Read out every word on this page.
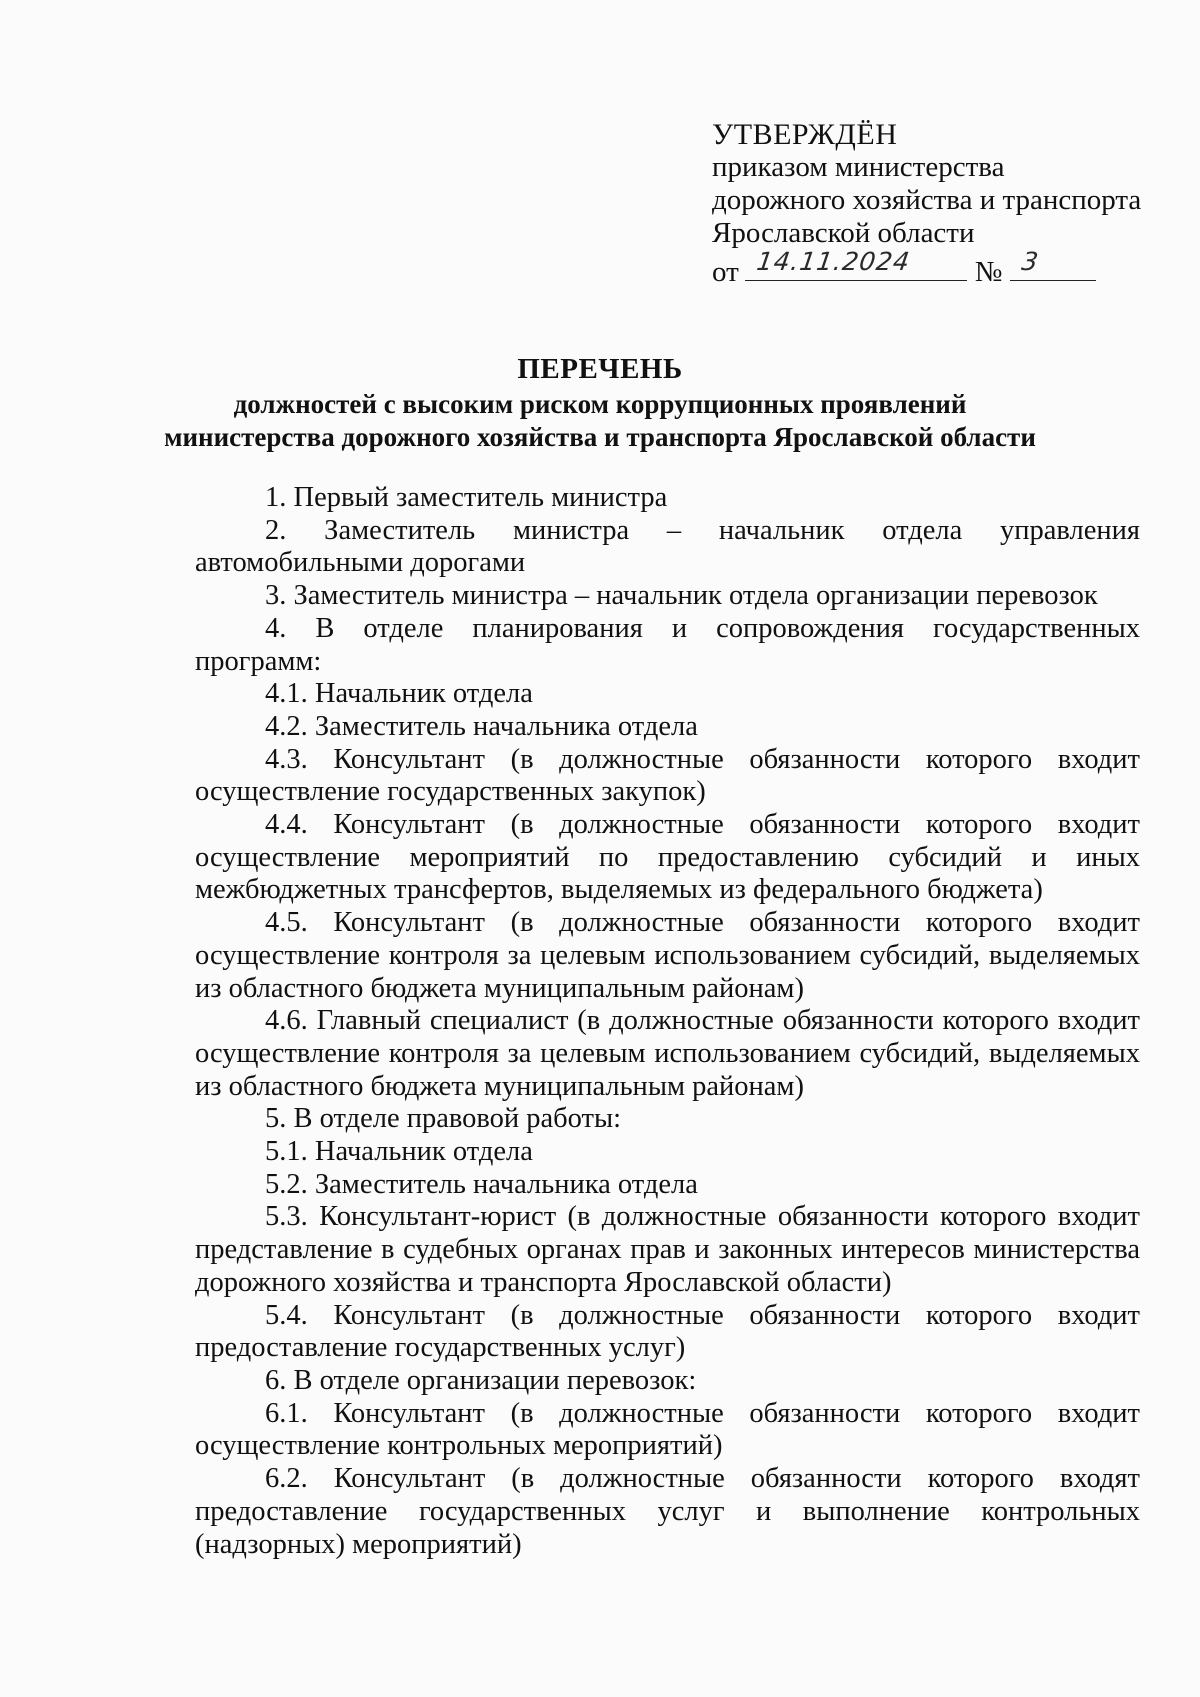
УТВЕРЖДЁН
приказом министерства
дорожного хозяйства и транспорта
Ярославской области
от 14.11.2024 № 3
ПЕРЕЧЕНЬ
должностей с высоким риском коррупционных проявлений
министерства дорожного хозяйства и транспорта Ярославской области

1. Первый заместитель министра

2. Заместитель министра – начальник отдела управления автомобильными дорогами

3. Заместитель министра – начальник отдела организации перевозок

4. В отделе планирования и сопровождения государственных программ:

4.1. Начальник отдела

4.2. Заместитель начальника отдела

4.3. Консультант (в должностные обязанности которого входит осуществление государственных закупок)

4.4. Консультант (в должностные обязанности которого входит осуществление мероприятий по предоставлению субсидий и иных межбюджетных трансфертов, выделяемых из федерального бюджета)

4.5. Консультант (в должностные обязанности которого входит осуществление контроля за целевым использованием субсидий, выделяемых из областного бюджета муниципальным районам)

4.6. Главный специалист (в должностные обязанности которого входит осуществление контроля за целевым использованием субсидий, выделяемых из областного бюджета муниципальным районам)

5. В отделе правовой работы:

5.1. Начальник отдела

5.2. Заместитель начальника отдела

5.3. Консультант-юрист (в должностные обязанности которого входит представление в судебных органах прав и законных интересов министерства дорожного хозяйства и транспорта Ярославской области)

5.4. Консультант (в должностные обязанности которого входит предоставление государственных услуг)

6. В отделе организации перевозок:

6.1. Консультант (в должностные обязанности которого входит осуществление контрольных мероприятий)

6.2. Консультант (в должностные обязанности которого входят предоставление государственных услуг и выполнение контрольных (надзорных) мероприятий)
